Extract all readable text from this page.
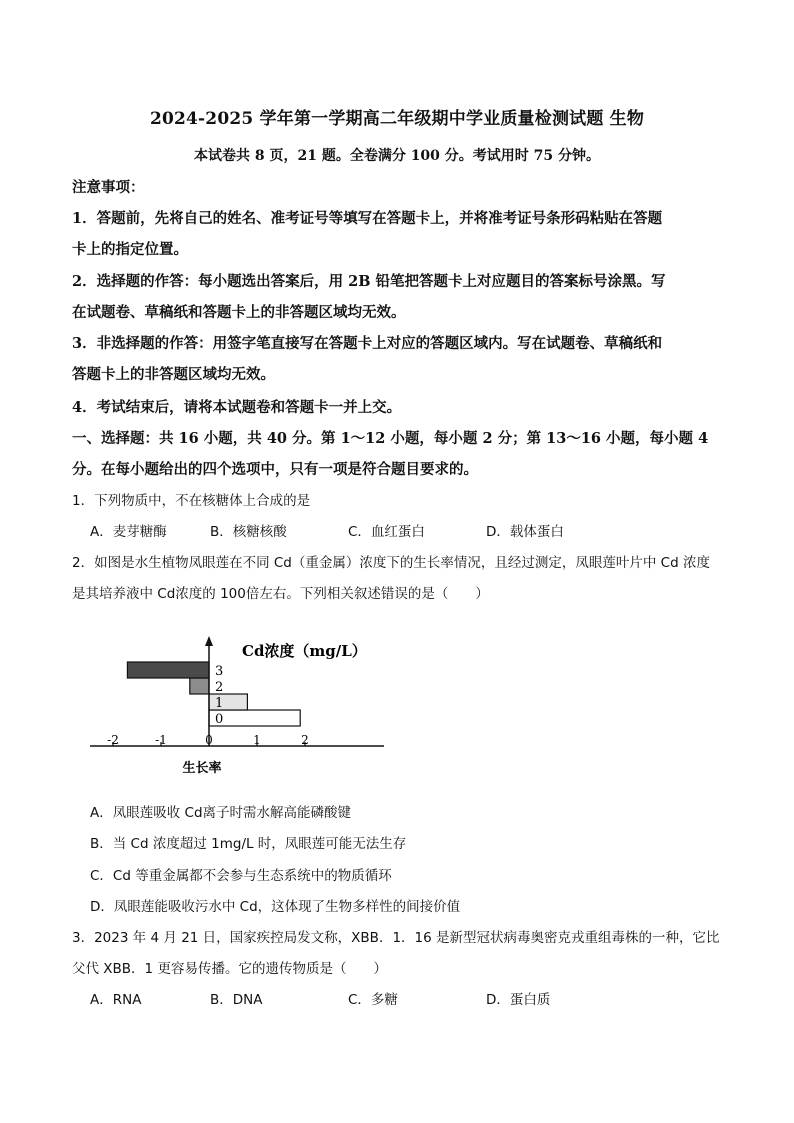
2024-2025 学年第一学期高二年级期中学业质量检测试题 生物
本试卷共 8 页，21 题。全卷满分 100 分。考试用时 75 分钟。
注意事项：
1．答题前，先将自己的姓名、准考证号等填写在答题卡上，并将准考证号条形码粘贴在答题
卡上的指定位置。
2．选择题的作答：每小题选出答案后，用 2B 铅笔把答题卡上对应题目的答案标号涂黑。写
在试题卷、草稿纸和答题卡上的非答题区域均无效。
3．非选择题的作答：用签字笔直接写在答题卡上对应的答题区域内。写在试题卷、草稿纸和
答题卡上的非答题区域均无效。
4．考试结束后，请将本试题卷和答题卡一并上交。
一、选择题：共 16 小题，共 40 分。第 1～12 小题，每小题 2 分；第 13～16 小题，每小题 4
分。在每小题给出的四个选项中，只有一项是符合题目要求的。
1．下列物质中，不在核糖体上合成的是
A．麦芽糖酶	B．核糖核酸	C．血红蛋白	D．载体蛋白
2．如图是水生植物凤眼莲在不同 Cd（重金属）浓度下的生长率情况，且经过测定，凤眼莲叶片中 Cd 浓度
是其培养液中 Cd浓度的 100倍左右。下列相关叙述错误的是（　　）
0
1
2
3
-2	-1	0	1	2
Cd浓度（mg/L）
生长率
A．凤眼莲吸收 Cd离子时需水解高能磷酸键
B．当 Cd 浓度超过 1mg/L 时，凤眼莲可能无法生存
C．Cd 等重金属都不会参与生态系统中的物质循环
D．凤眼莲能吸收污水中 Cd，这体现了生物多样性的间接价值
3．2023 年 4 月 21 日，国家疾控局发文称，XBB．1．16 是新型冠状病毒奥密克戎重组毒株的一种，它比
父代 XBB．1 更容易传播。它的遗传物质是（　　）
A．RNA	B．DNA	C．多糖	D．蛋白质
